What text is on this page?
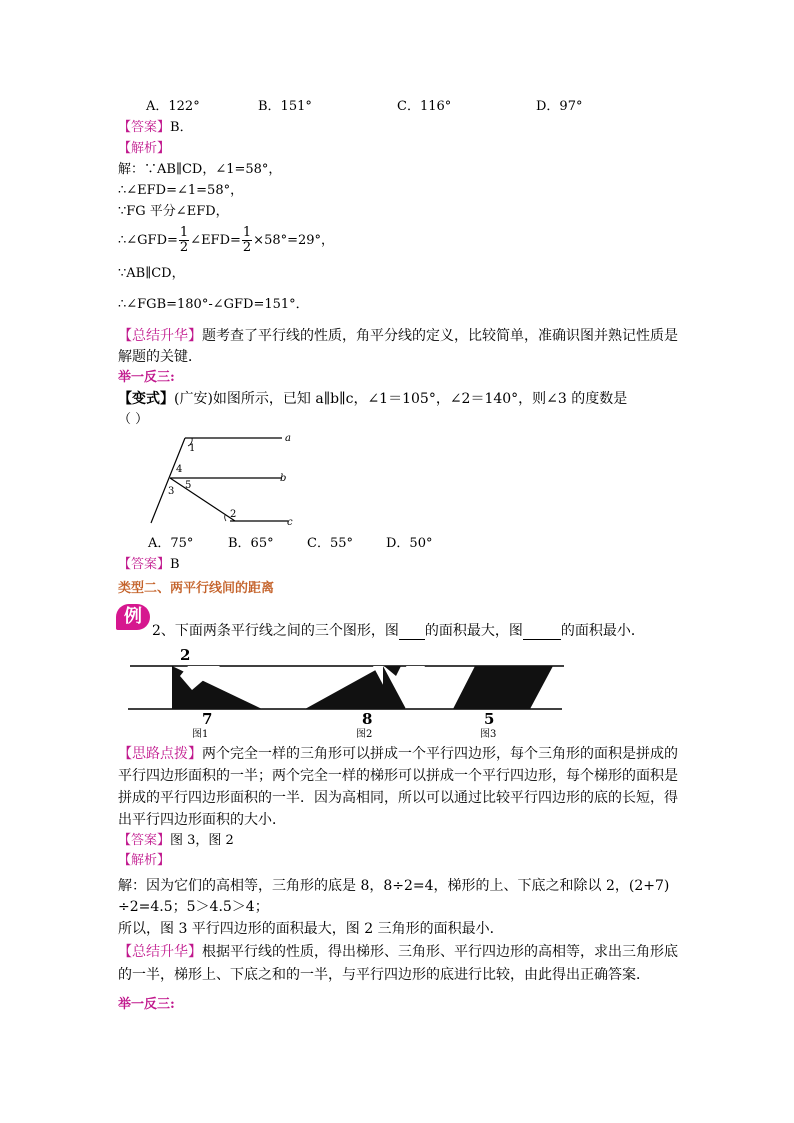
A．122°	B．151°	C．116°	D．97°
【答案】B．
【解析】
解：∵AB∥CD，∠1=58°，
∴∠EFD=∠1=58°，
∵FG 平分∠EFD，
∴∠GFD= $\frac{1}{2}$ ∠EFD= $\frac{1}{2} \times 58^\circ=29^\circ$，
∵AB∥CD，
∴∠FGB=180°-∠GFD=151°．
【总结升华】题考查了平行线的性质，角平分线的定义，比较简单，准确识图并熟记性质是
解题的关键．
举一反三:
【变式】(广安)如图所示，已知 a∥b∥c，∠1＝105°，∠2＝140°，则∠3 的度数是
（ ）
a
b
c
1
2
3
4
5
A．75°	B．65°	C．55°	D．50°
【答案】B
类型二、两平行线间的距离
例
2、下面两条平行线之间的三个图形，图 的面积最大，图	的面积最小．
2
7	8	5
图1	图2	图3
【思路点拨】两个完全一样的三角形可以拼成一个平行四边形，每个三角形的面积是拼成的
平行四边形面积的一半；两个完全一样的梯形可以拼成一个平行四边形，每个梯形的面积是
拼成的平行四边形面积的一半．因为高相同，所以可以通过比较平行四边形的底的长短，得
出平行四边形面积的大小．
【答案】图 3，图 2
【解析】
解：因为它们的高相等，三角形的底是 8，8÷2=4，梯形的上、下底之和除以 2，(2+7)
÷2=4.5；5＞4.5＞4；
所以，图 3 平行四边形的面积最大，图 2 三角形的面积最小．
【总结升华】根据平行线的性质，得出梯形、三角形、平行四边形的高相等，求出三角形底
的一半，梯形上、下底之和的一半，与平行四边形的底进行比较，由此得出正确答案．
举一反三:
